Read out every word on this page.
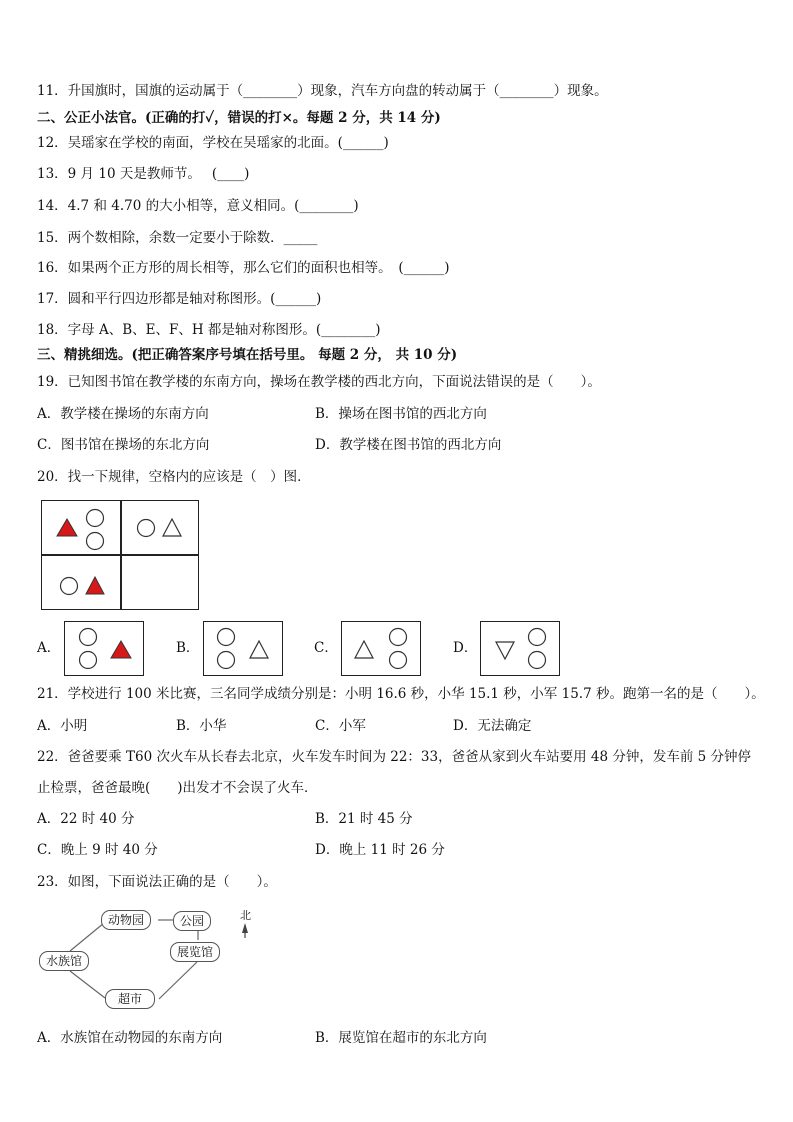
11．升国旗时，国旗的运动属于（________）现象，汽车方向盘的转动属于（________）现象。
二、公正小法官。(正确的打✓，错误的打×。每题 2 分，共 14 分)
12．吴瑶家在学校的南面，学校在吴瑶家的北面。(______)
13．9 月 10 天是教师节。　 (____)
14．4.7 和 4.70 的大小相等，意义相同。(________)
15．两个数相除，余数一定要小于除数．_____
16．如果两个正方形的周长相等，那么它们的面积也相等。　(______)
17．圆和平行四边形都是轴对称图形。(______)
18．字母 A、B、E、F、H 都是轴对称图形。(________)
三、精挑细选。(把正确答案序号填在括号里。 每题 2 分， 共 10 分)
19．已知图书馆在教学楼的东南方向，操场在教学楼的西北方向，下面说法错误的是（　　）。
A．教学楼在操场的东南方向	B．操场在图书馆的西北方向
C．图书馆在操场的东北方向	D．教学楼在图书馆的西北方向
20．找一下规律，空格内的应该是（　）图．
A．	B．	C．	D．
21．学校进行 100 米比赛，三名同学成绩分别是：小明 16.6 秒，小华 15.1 秒，小军 15.7 秒。跑第一名的是（　　）。
A．小明	B．小华	C．小军	D．无法确定
22．爸爸要乘 T60 次火车从长春去北京，火车发车时间为 22：33，爸爸从家到火车站要用 48 分钟，发车前 5 分钟停
止检票，爸爸最晚(　　)出发才不会误了火车．
A．22 时 40 分	B．21 时 45 分
C．晚上 9 时 40 分	D．晚上 11 时 26 分
23．如图，下面说法正确的是（　　）。
动物园	公园	北
水族馆
展览馆
超市
A．水族馆在动物园的东南方向	B．展览馆在超市的东北方向
